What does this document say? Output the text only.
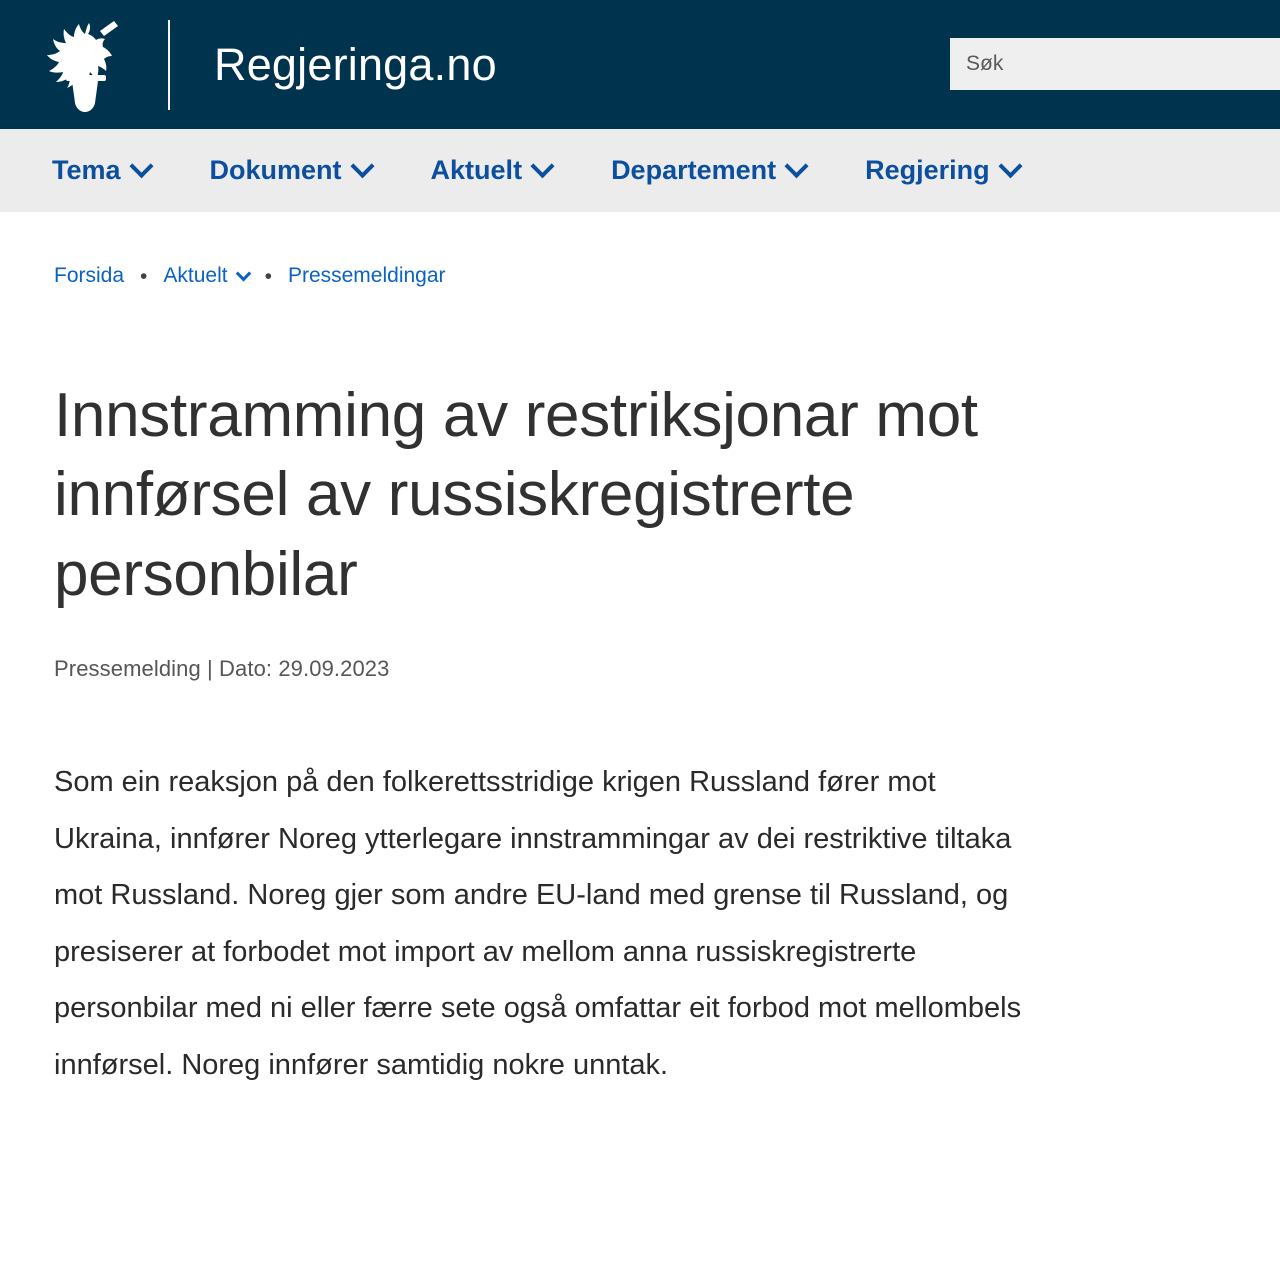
Regjeringa.no
Søk
Tema	Dokument	Aktuelt	Departement	Regjering
Forsida • Aktuelt • Pressemeldingar
Innstramming av restriksjonar mot innførsel av russiskregistrerte personbilar
Pressemelding | Dato: 29.09.2023

Som ein reaksjon på den folkerettsstridige krigen Russland fører mot Ukraina, innfører Noreg ytterlegare innstrammingar av dei restriktive tiltaka mot Russland. Noreg gjer som andre EU-land med grense til Russland, og presiserer at forbodet mot import av mellom anna russiskregistrerte personbilar med ni eller færre sete også omfattar eit forbod mot mellombels innførsel. Noreg innfører samtidig nokre unntak.
